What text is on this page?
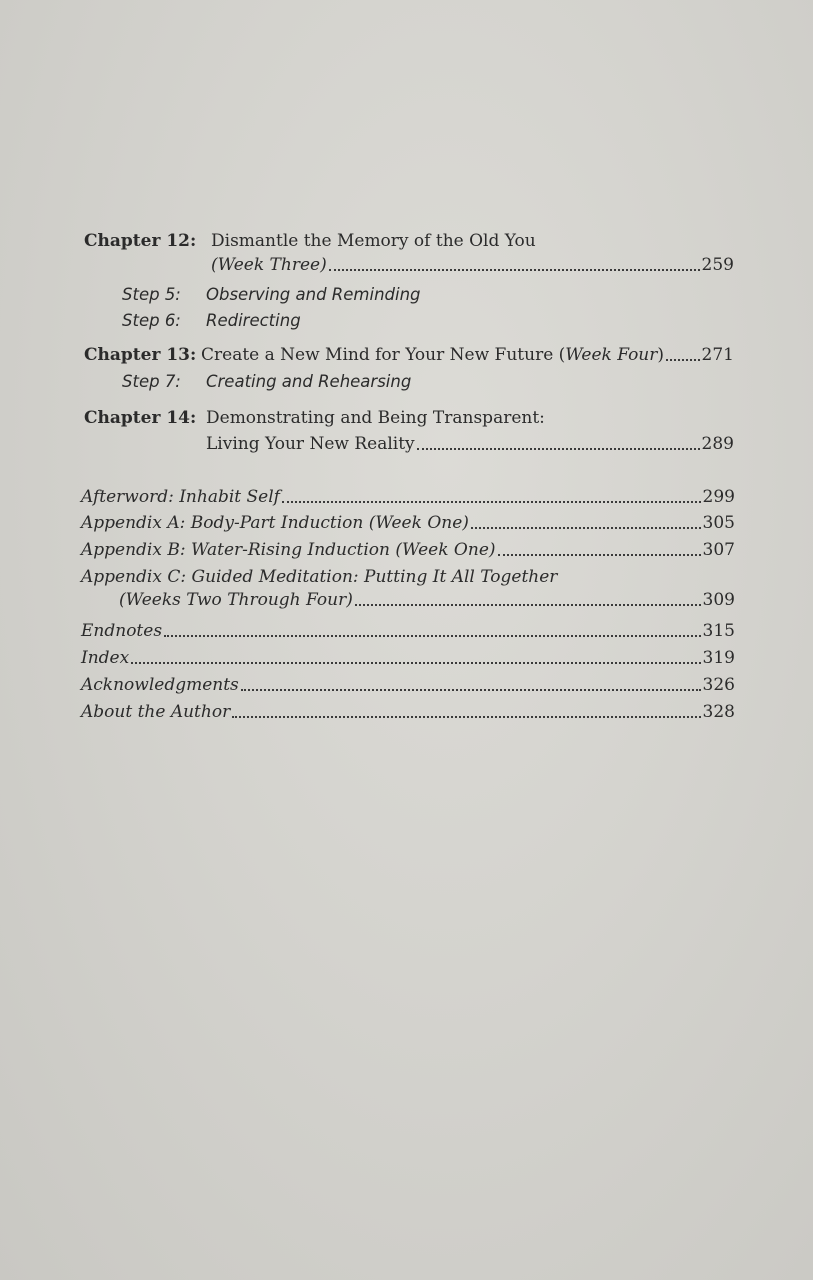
Chapter 12: Dismantle the Memory of the Old You
(Week Three)	259
Step 5: Observing and Reminding
Step 6: Redirecting
Chapter 13: Create a New Mind for Your New Future (Week Four) 271
Step 7: Creating and Rehearsing
Chapter 14: Demonstrating and Being Transparent:
Living Your New Reality	289
Afterword: Inhabit Self	299
Appendix A: Body-Part Induction (Week One)	305
Appendix B: Water-Rising Induction (Week One)	307
Appendix C: Guided Meditation: Putting It All Together
(Weeks Two Through Four)	309
Endnotes	315
Index	319
Acknowledgments	326
About the Author	328
